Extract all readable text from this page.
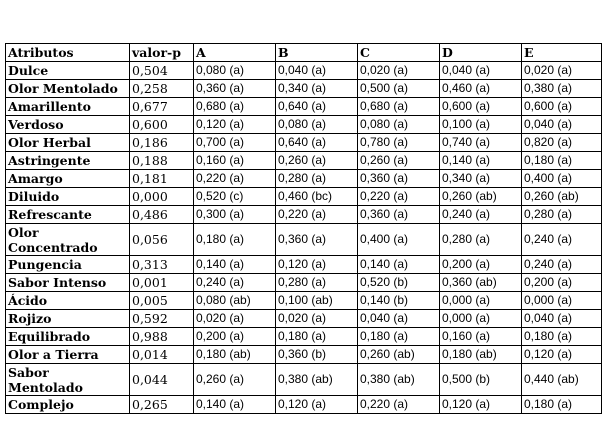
Atributos	valor-p	A	B	C	D	E
Dulce	0,504	0,080 (a)	0,040 (a)	0,020 (a)	0,040 (a)	0,020 (a)
Olor Mentolado	0,258	0,360 (a)	0,340 (a)	0,500 (a)	0,460 (a)	0,380 (a)
Amarillento	0,677	0,680 (a)	0,640 (a)	0,680 (a)	0,600 (a)	0,600 (a)
Verdoso	0,600	0,120 (a)	0,080 (a)	0,080 (a)	0,100 (a)	0,040 (a)
Olor Herbal	0,186	0,700 (a)	0,640 (a)	0,780 (a)	0,740 (a)	0,820 (a)
Astringente	0,188	0,160 (a)	0,260 (a)	0,260 (a)	0,140 (a)	0,180 (a)
Amargo	0,181	0,220 (a)	0,280 (a)	0,360 (a)	0,340 (a)	0,400 (a)
Diluido	0,000	0,520 (c)	0,460 (bc)	0,220 (a)	0,260 (ab)	0,260 (ab)
Refrescante	0,486	0,300 (a)	0,220 (a)	0,360 (a)	0,240 (a)	0,280 (a)
Olor Concentrado	0,056	0,180 (a)	0,360 (a)	0,400 (a)	0,280 (a)	0,240 (a)
Pungencia	0,313	0,140 (a)	0,120 (a)	0,140 (a)	0,200 (a)	0,240 (a)
Sabor Intenso	0,001	0,240 (a)	0,280 (a)	0,520 (b)	0,360 (ab)	0,200 (a)
Ácido	0,005	0,080 (ab)	0,100 (ab)	0,140 (b)	0,000 (a)	0,000 (a)
Rojizo	0,592	0,020 (a)	0,020 (a)	0,040 (a)	0,000 (a)	0,040 (a)
Equilibrado	0,988	0,200 (a)	0,180 (a)	0,180 (a)	0,160 (a)	0,180 (a)
Olor a Tierra	0,014	0,180 (ab)	0,360 (b)	0,260 (ab)	0,180 (ab)	0,120 (a)
Sabor Mentolado	0,044	0,260 (a)	0,380 (ab)	0,380 (ab)	0,500 (b)	0,440 (ab)
Complejo	0,265	0,140 (a)	0,120 (a)	0,220 (a)	0,120 (a)	0,180 (a)
